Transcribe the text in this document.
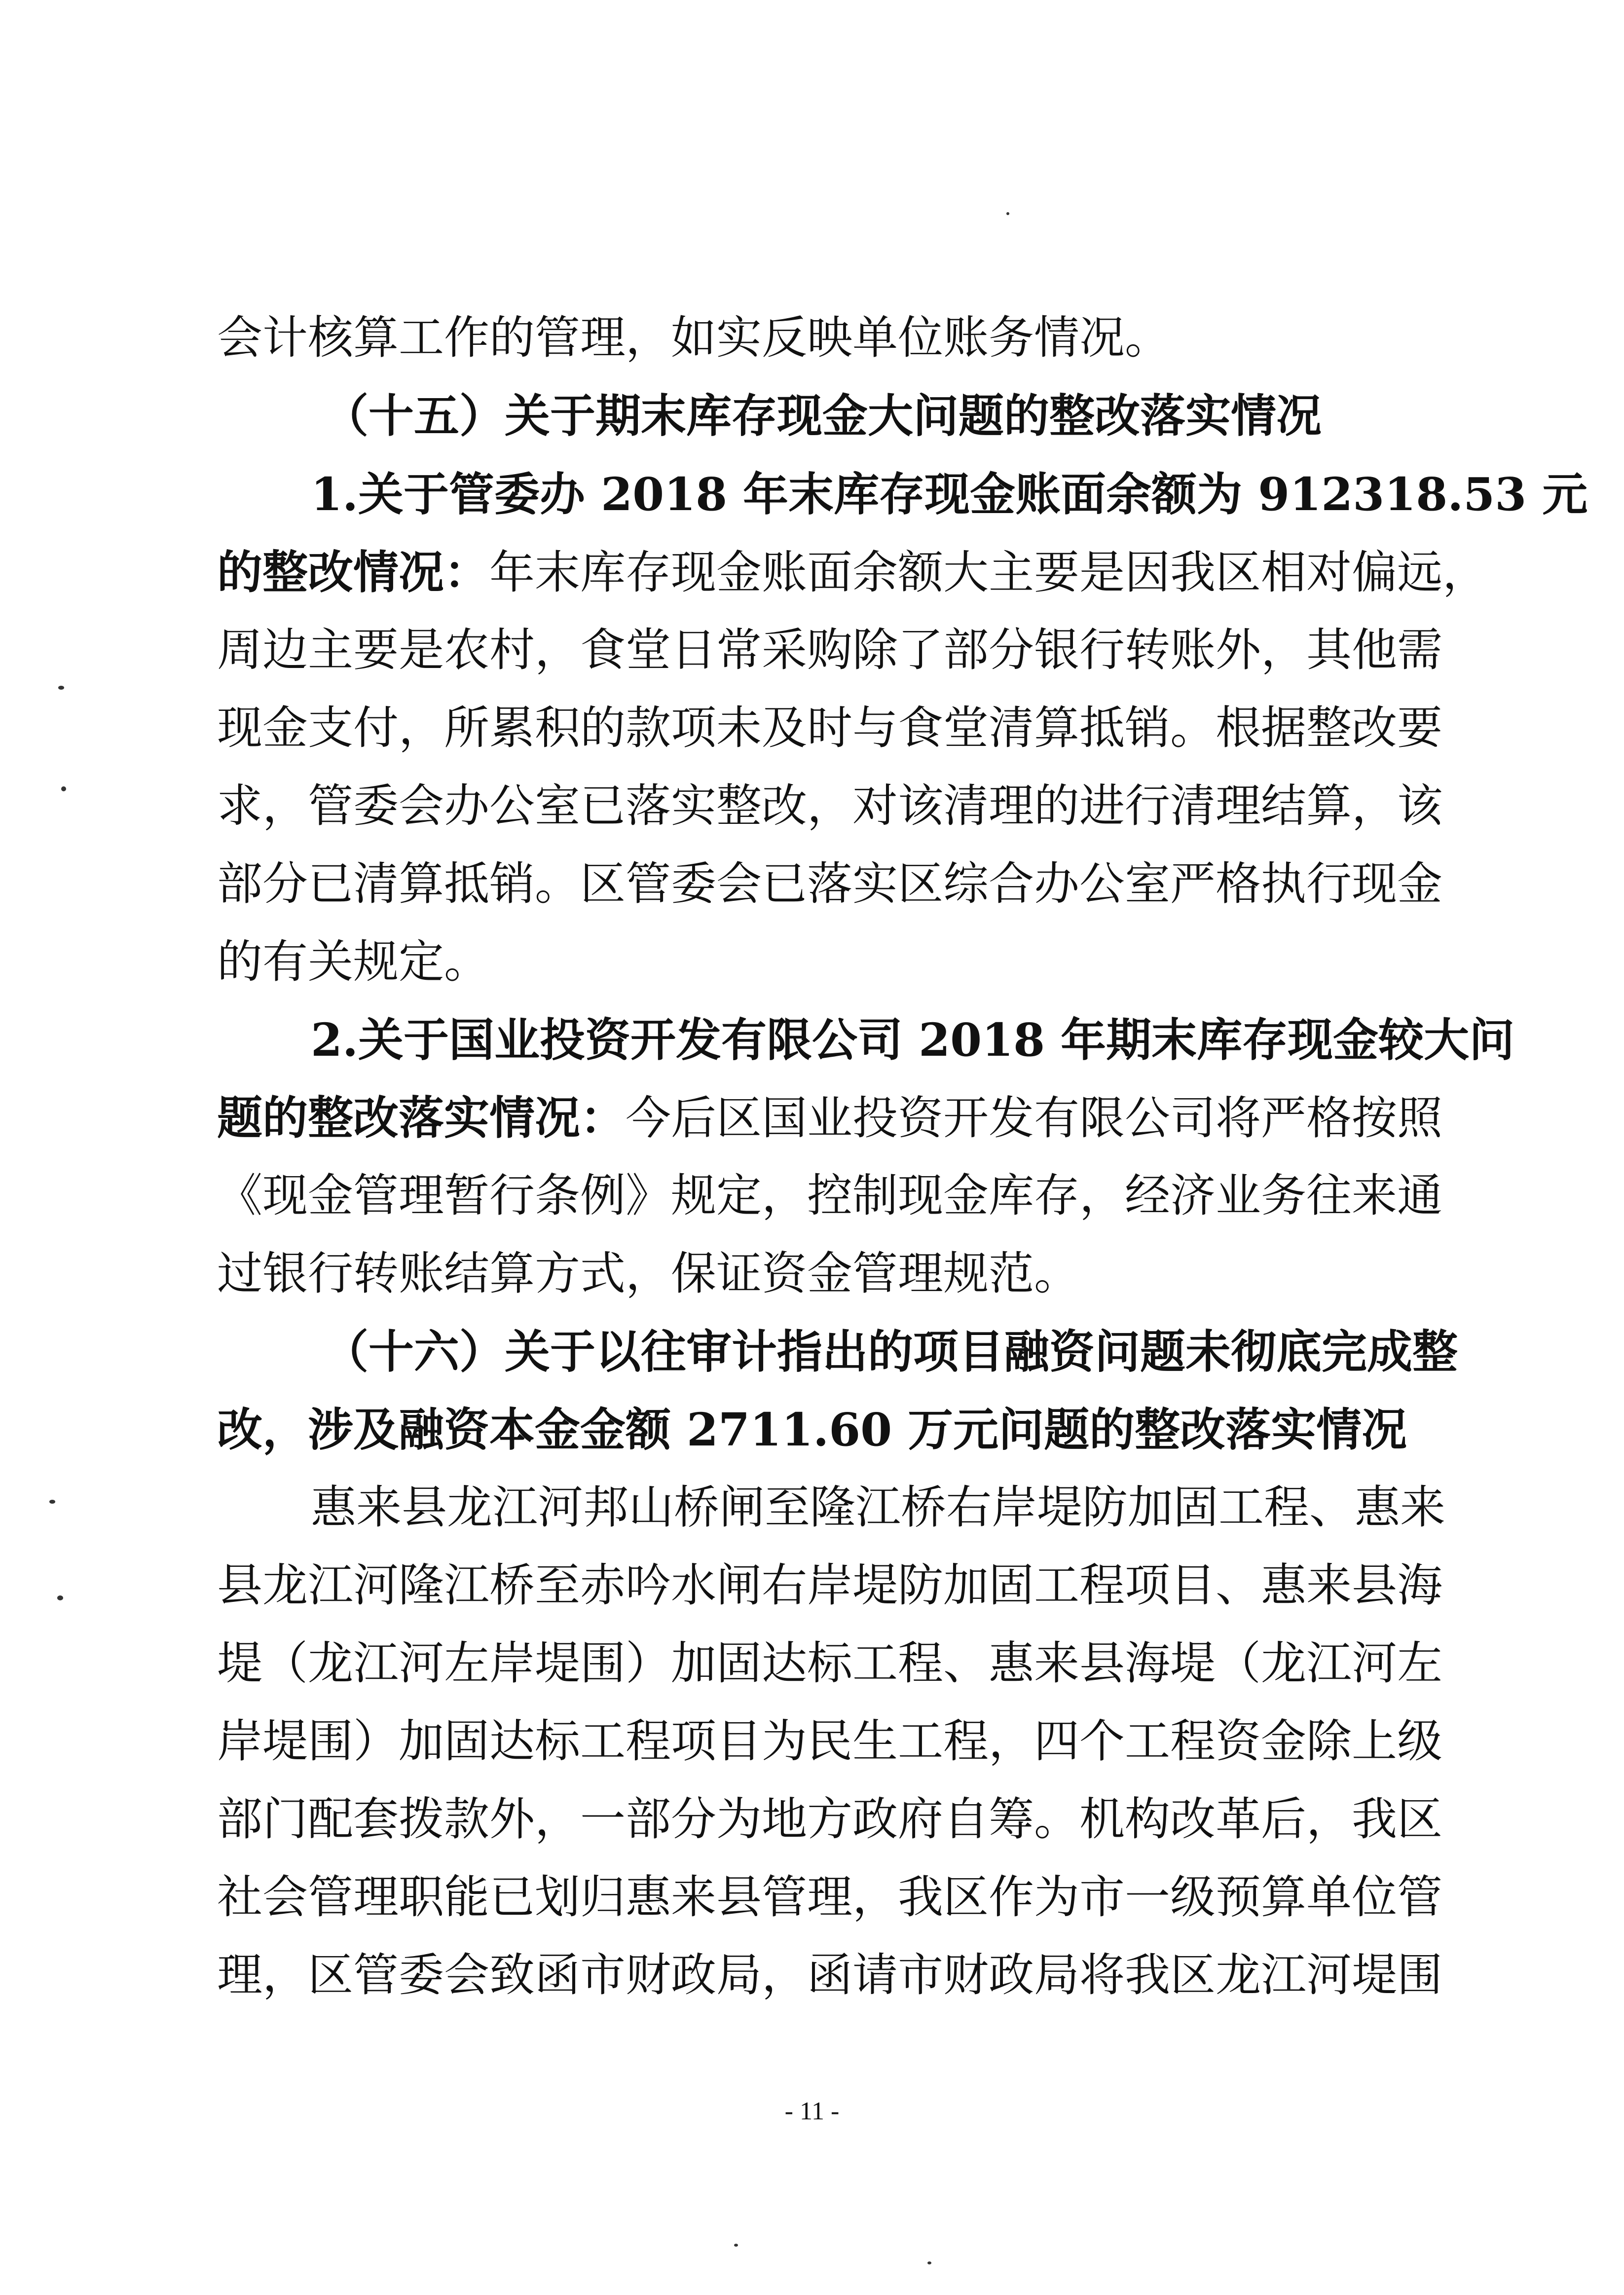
会计核算工作的管理，如实反映单位账务情况。
（十五）关于期末库存现金大问题的整改落实情况
1.关于管委办 2018 年末库存现金账面余额为 912318.53 元
的整改情况：年末库存现金账面余额大主要是因我区相对偏远，
周边主要是农村，食堂日常采购除了部分银行转账外，其他需
现金支付，所累积的款项未及时与食堂清算抵销。根据整改要
求，管委会办公室已落实整改，对该清理的进行清理结算，该
部分已清算抵销。区管委会已落实区综合办公室严格执行现金
的有关规定。
2.关于国业投资开发有限公司 2018 年期末库存现金较大问
题的整改落实情况：今后区国业投资开发有限公司将严格按照
《现金管理暂行条例》规定，控制现金库存，经济业务往来通
过银行转账结算方式，保证资金管理规范。
（十六）关于以往审计指出的项目融资问题未彻底完成整
改，涉及融资本金金额 2711.60 万元问题的整改落实情况
惠来县龙江河邦山桥闸至隆江桥右岸堤防加固工程、惠来
县龙江河隆江桥至赤吟水闸右岸堤防加固工程项目、惠来县海
堤（龙江河左岸堤围）加固达标工程、惠来县海堤（龙江河左
岸堤围）加固达标工程项目为民生工程，四个工程资金除上级
部门配套拨款外，一部分为地方政府自筹。机构改革后，我区
社会管理职能已划归惠来县管理，我区作为市一级预算单位管
理，区管委会致函市财政局，函请市财政局将我区龙江河堤围
- 11 -
